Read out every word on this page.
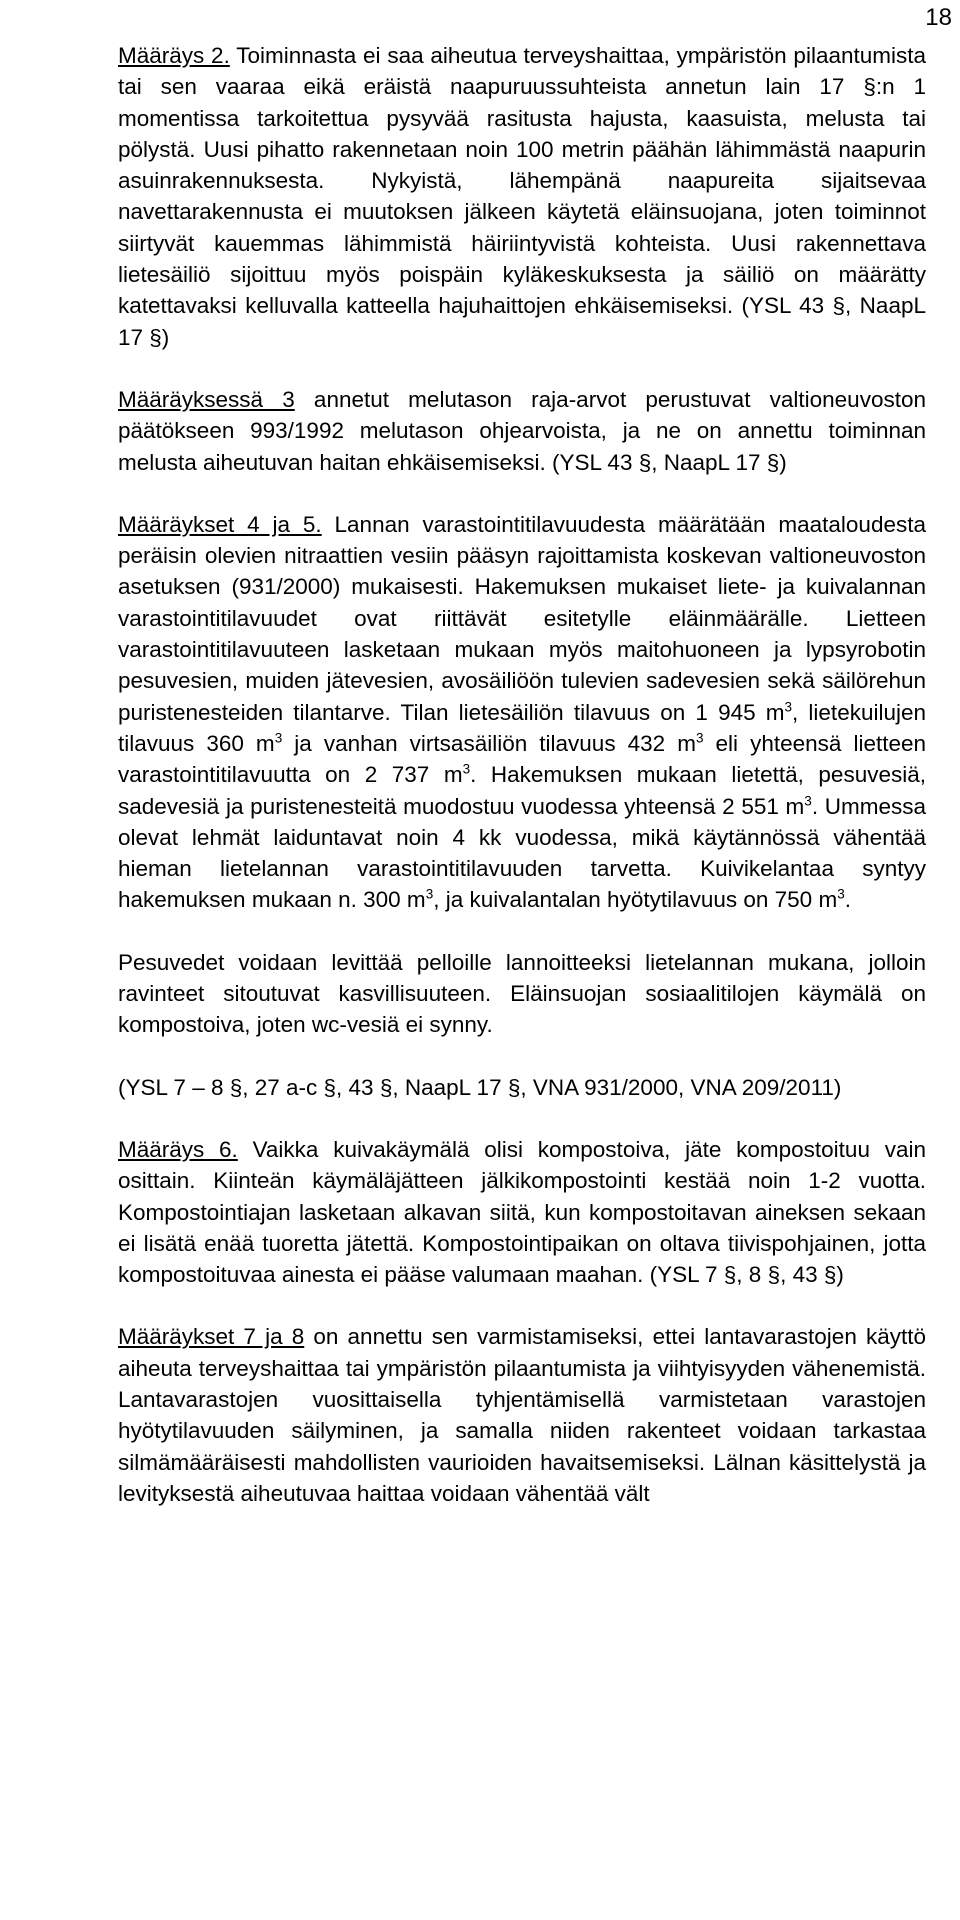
18

Määräys 2. Toiminnasta ei saa aiheutua terveyshaittaa, ympäristön pilaantumista tai sen vaaraa eikä eräistä naapuruussuhteista annetun lain 17 §:n 1 momentissa tarkoitettua pysyvää rasitusta hajusta, kaasuista, melusta tai pölystä. Uusi pihatto rakennetaan noin 100 metrin päähän lähimmästä naapurin asuinrakennuksesta. Nykyistä, lähempänä naapureita sijaitsevaa navettarakennusta ei muutoksen jälkeen käytetä eläinsuojana, joten toiminnot siirtyvät kauemmas lähimmistä häiriintyvistä kohteista. Uusi rakennettava lietesäiliö sijoittuu myös poispäin kyläkeskuksesta ja säiliö on määrätty katettavaksi kelluvalla katteella hajuhaittojen ehkäisemiseksi. (YSL 43 §, NaapL 17 §)

Määräyksessä 3 annetut melutason raja-arvot perustuvat valtioneuvoston päätökseen 993/1992 melutason ohjearvoista, ja ne on annettu toiminnan melusta aiheutuvan haitan ehkäisemiseksi. (YSL 43 §, NaapL 17 §)

Määräykset 4 ja 5. Lannan varastointitilavuudesta määrätään maataloudesta peräisin olevien nitraattien vesiin pääsyn rajoittamista koskevan valtioneuvoston asetuksen (931/2000) mukaisesti. Hakemuksen mukaiset liete- ja kuivalannan varastointitilavuudet ovat riittävät esitetylle eläinmäärälle. Lietteen varastointitilavuuteen lasketaan mukaan myös maitohuoneen ja lypsyrobotin pesuvesien, muiden jätevesien, avosäiliöön tulevien sadevesien sekä säilörehun puristenesteiden tilantarve. Tilan lietesäiliön tilavuus on 1 945 $m^3$, lietekuilujen tilavuus 360 $m^3$ ja vanhan virtsasäiliön tilavuus 432 $m^3$ eli yhteensä lietteen varastointitilavuutta on 2 737 $m^3$. Hakemuksen mukaan lietettä, pesuvesiä, sadevesiä ja puristenesteitä muodostuu vuodessa yhteensä 2 551 $m^3$. Ummessa olevat lehmät laiduntavat noin 4 kk vuodessa, mikä käytännössä vähentää hieman lietelannan varastointitilavuuden tarvetta. Kuivikelantaa syntyy hakemuksen mukaan n. 300 $m^3$, ja kuivalantalan hyötytilavuus on 750 $m^3$.

Pesuvedet voidaan levittää pelloille lannoitteeksi lietelannan mukana, jolloin ravinteet sitoutuvat kasvillisuuteen. Eläinsuojan sosiaalitilojen käymälä on kompostoiva, joten wc-vesiä ei synny.

(YSL 7 – 8 §, 27 a-c §, 43 §, NaapL 17 §, VNA 931/2000, VNA 209/2011)

Määräys 6. Vaikka kuivakäymälä olisi kompostoiva, jäte kompostoituu vain osittain. Kiinteän käymäläjätteen jälkikompostointi kestää noin 1-2 vuotta. Kompostointiajan lasketaan alkavan siitä, kun kompostoitavan aineksen sekaan ei lisätä enää tuoretta jätettä. Kompostointipaikan on oltava tiivispohjainen, jotta kompostoituvaa ainesta ei pääse valumaan maahan. (YSL 7 §, 8 §, 43 §)

Määräykset 7 ja 8 on annettu sen varmistamiseksi, ettei lantavarastojen käyttö aiheuta terveyshaittaa tai ympäristön pilaantumista ja viihtyisyyden vähenemistä. Lantavarastojen vuosittaisella tyhjentämisellä varmistetaan varastojen hyötytilavuuden säilyminen, ja samalla niiden rakenteet voidaan tarkastaa silmämääräisesti mahdollisten vaurioiden havaitsemiseksi. Lälnan käsittelystä ja levityksestä aiheutuvaa haittaa voidaan vähentää vält
